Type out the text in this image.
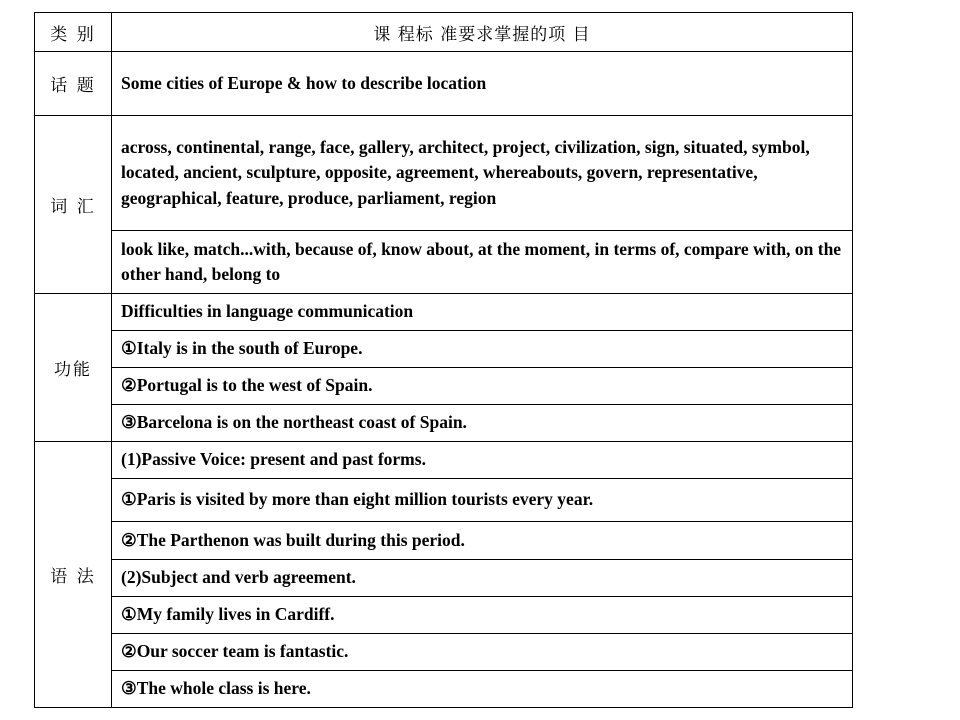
类 别	课 程标 准要求掌握的项 目
话 题	Some cities of Europe & how to describe location
词 汇	across, continental, range, face, gallery, architect, project, civilization, sign, situated, symbol, located, ancient, sculpture, opposite, agreement, whereabouts, govern, representative, geographical, feature, produce, parliament, region
	look like, match...with, because of, know about, at the moment, in terms of, compare with, on the other hand, belong to
功能	Difficulties in language communication
	①Italy is in the south of Europe.
	②Portugal is to the west of Spain.
	③Barcelona is on the northeast coast of Spain.
语 法	(1)Passive Voice: present and past forms.
	①Paris is visited by more than eight million tourists every year.
	②The Parthenon was built during this period.
	(2)Subject and verb agreement.
	①My family lives in Cardiff.
	②Our soccer team is fantastic.
	③The whole class is here.
